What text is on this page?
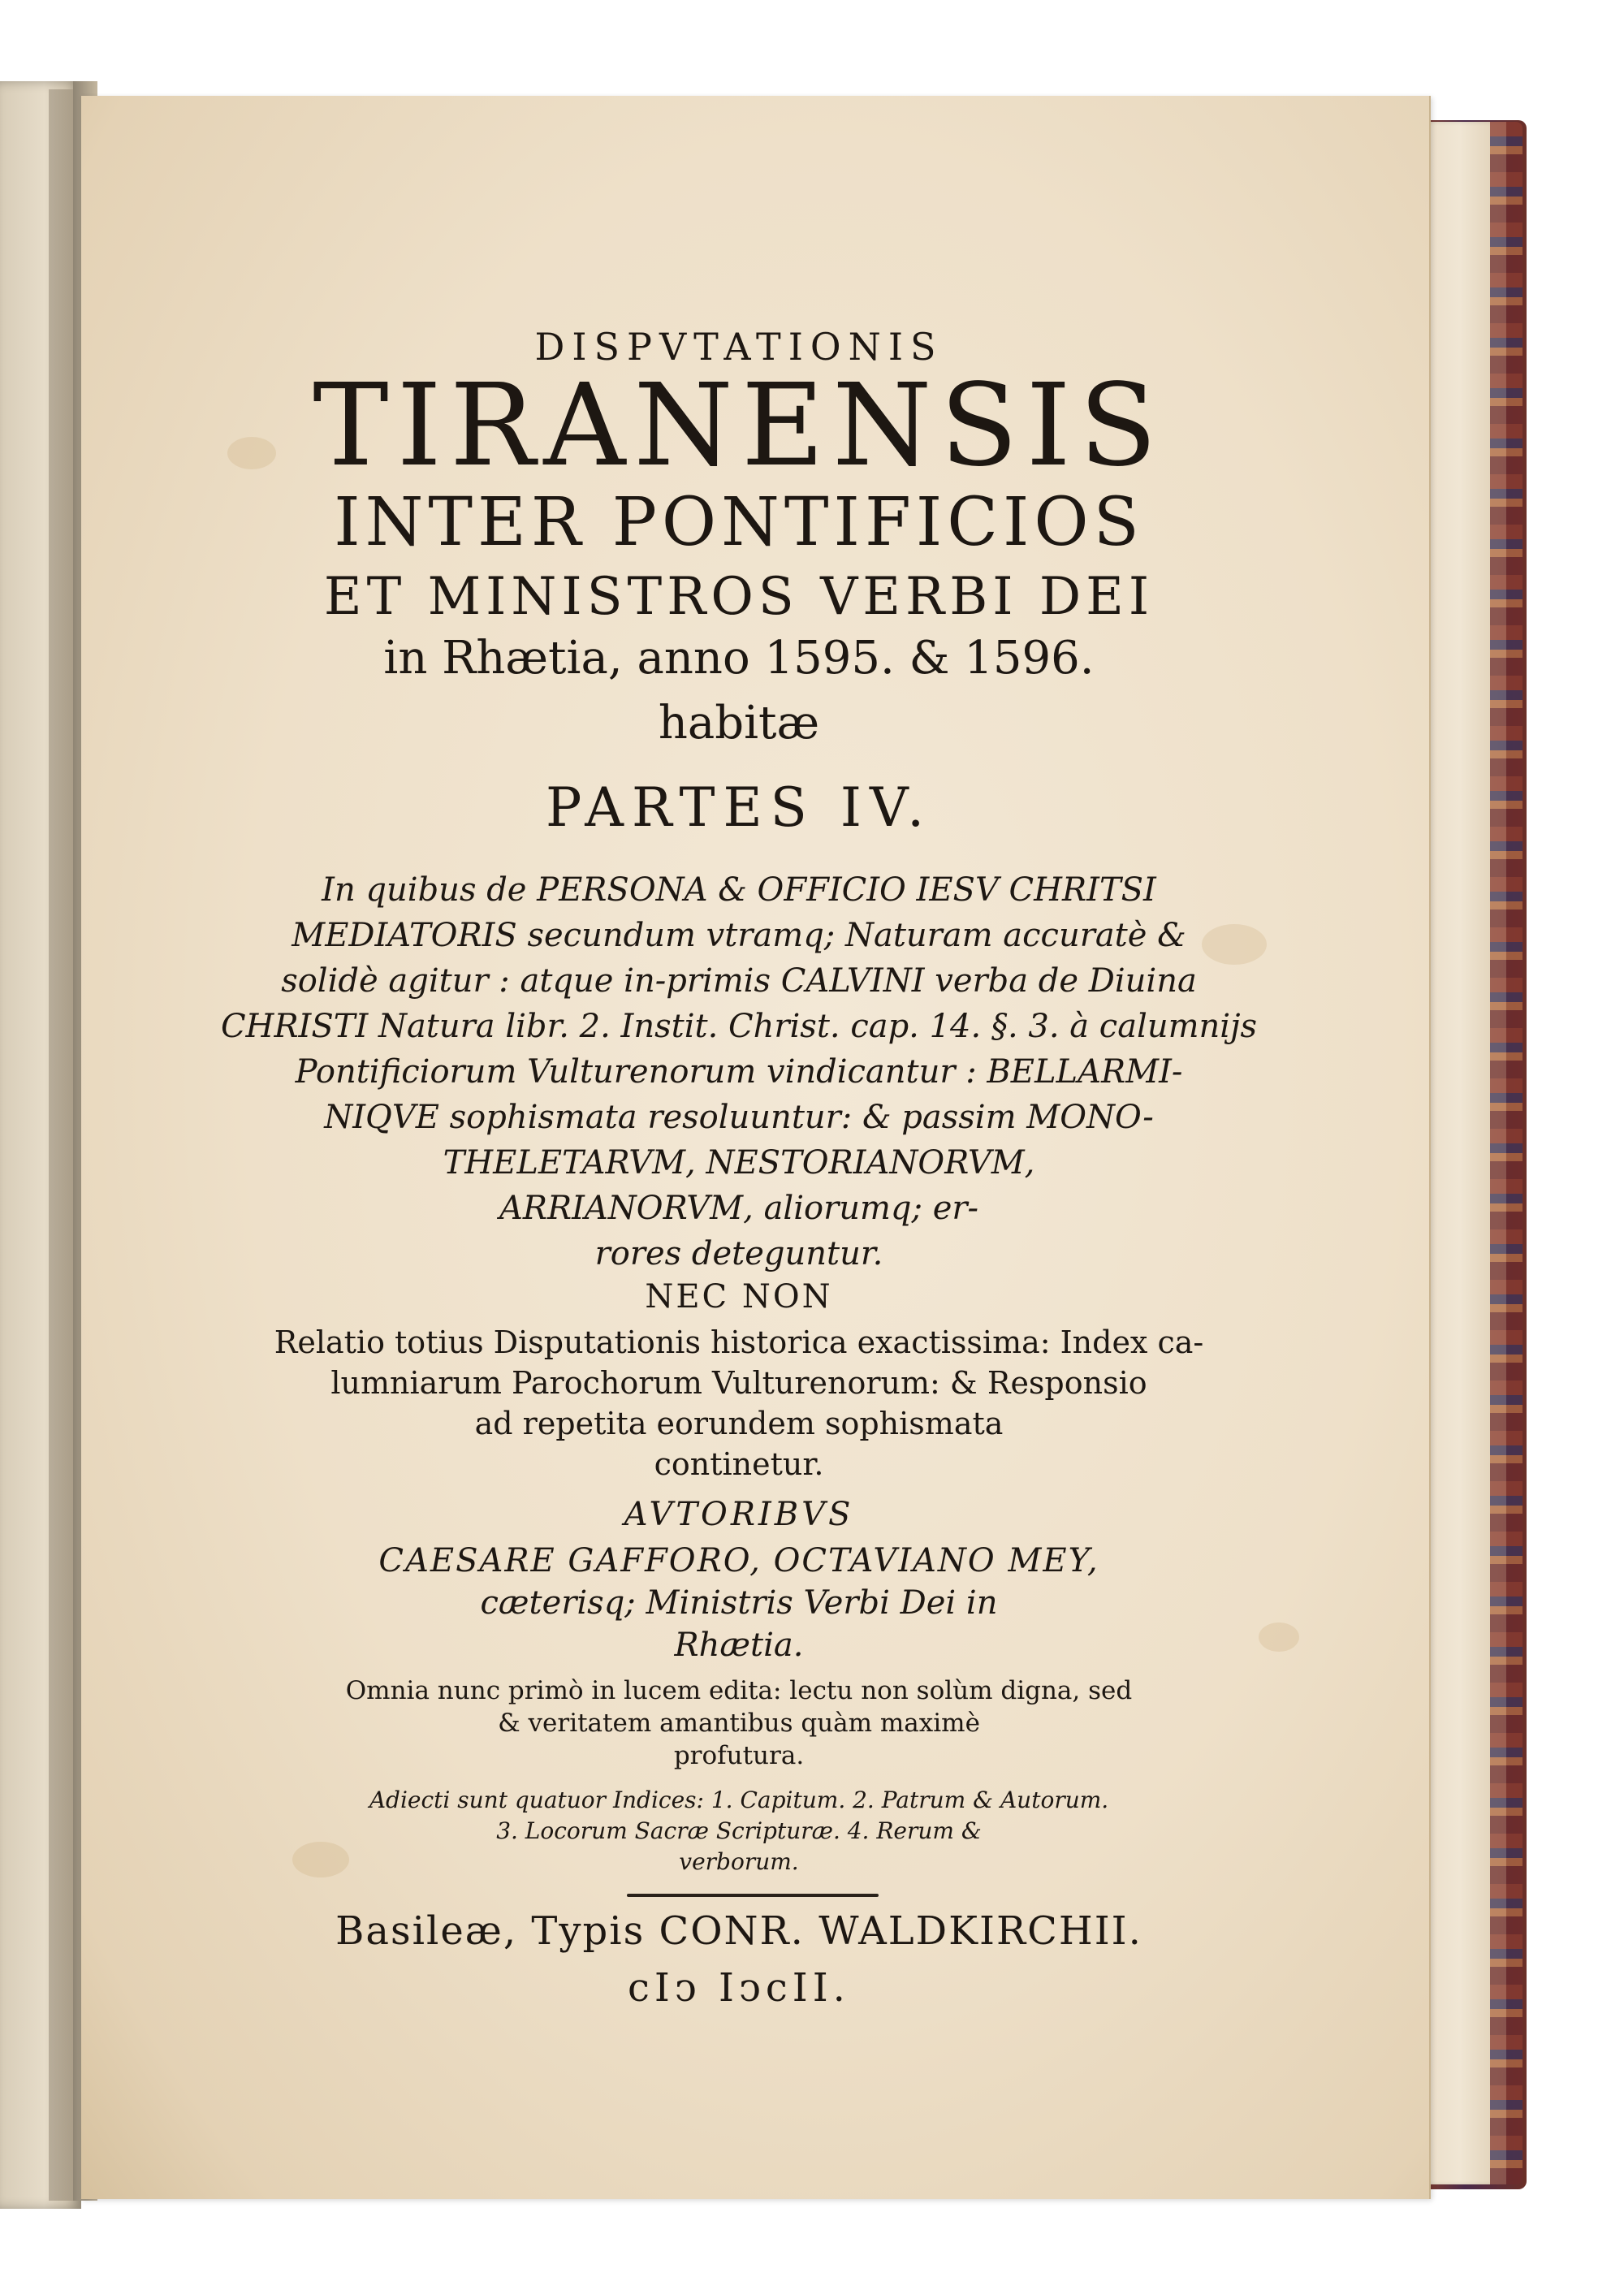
DISPVTATIONIS
TIRANENSIS
INTER PONTIFICIOS
ET MINISTROS VERBI DEI
in Rhætia, anno 1595. & 1596.
habitæ
PARTES IV.
In quibus de PERSONA & OFFICIO IESV CHRITSI
MEDIATORIS secundum vtramq; Naturam accuratè &
solidè agitur : atque in-primis CALVINI verba de Diuina
CHRISTI Natura libr. 2. Instit. Christ. cap. 14. §. 3. à calumnijs
Pontificiorum Vulturenorum vindicantur : BELLARMI-
NIQVE sophismata resoluuntur: & passim MONO-
THELETARVM, NESTORIANORVM,
ARRIANORVM, aliorumq; er-
rores deteguntur.
NEC NON
Relatio totius Disputationis historica exactissima: Index ca-
lumniarum Parochorum Vulturenorum: & Responsio
ad repetita eorundem sophismata
continetur.
AVTORIBVS
CAESARE GAFFORO, OCTAVIANO MEY,
cæterisq; Ministris Verbi Dei in
Rhætia.
Omnia nunc primò in lucem edita: lectu non solùm digna, sed
& veritatem amantibus quàm maximè
profutura.
Adiecti sunt quatuor Indices: 1. Capitum. 2. Patrum & Autorum.
3. Locorum Sacræ Scripturæ. 4. Rerum &
verborum.
Basileæ, Typis CONR. WALDKIRCHII.
cIↄ IↄcII.
